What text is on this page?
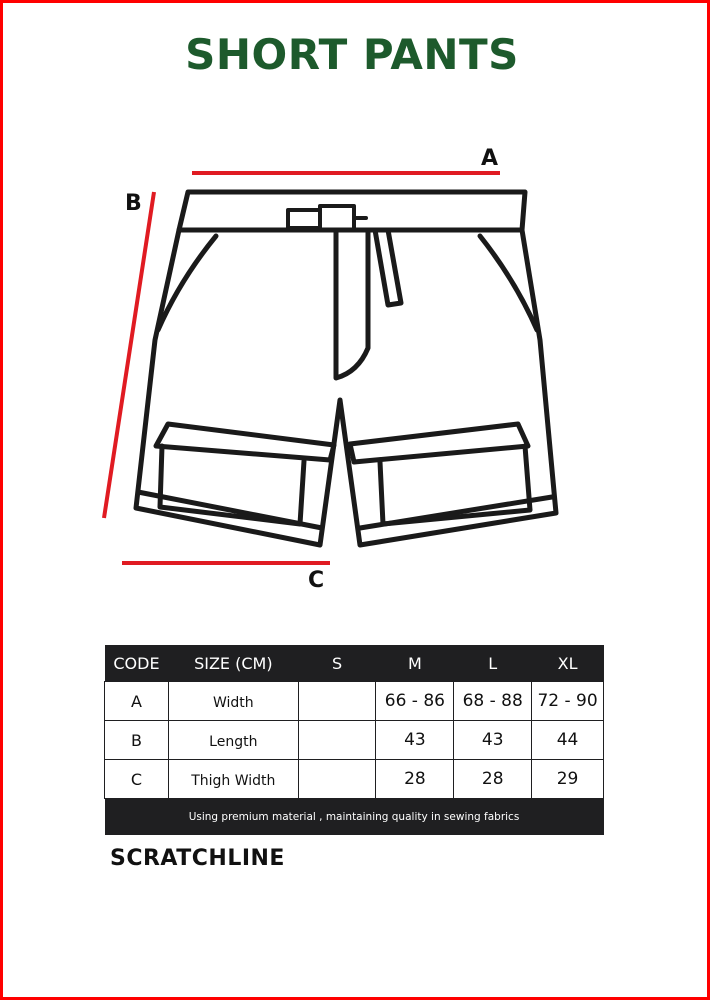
SHORT PANTS
A
B
C
CODE	SIZE (CM)	S	M	L	XL
A	Width		66 - 86	68 - 88	72 - 90
B	Length		43	43	44
C	Thigh Width		28	28	29
Using premium material , maintaining quality in sewing fabrics					
SCRATCHLINE
